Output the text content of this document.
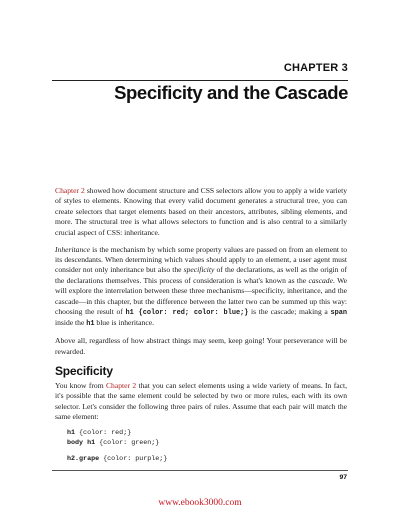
CHAPTER 3
Specificity and the Cascade

Chapter 2 showed how document structure and CSS selectors allow you to apply a wide variety of styles to elements. Knowing that every valid document generates a structural tree, you can create selectors that target elements based on their ancestors, attributes, sibling elements, and more. The structural tree is what allows selectors to function and is also central to a similarly crucial aspect of CSS: inheritance.

Inheritance is the mechanism by which some property values are passed on from an element to its descendants. When determining which values should apply to an element, a user agent must consider not only inheritance but also the specificity of the declarations, as well as the origin of the declarations themselves. This process of consideration is what's known as the cascade. We will explore the interrelation between these three mechanisms—specificity, inheritance, and the cascade—in this chapter, but the difference between the latter two can be summed up this way: choosing the result of h1 {color: red; color: blue;} is the cascade; making a span inside the h1 blue is inheritance.

Above all, regardless of how abstract things may seem, keep going! Your perseverance will be rewarded.

Specificity

You know from Chapter 2 that you can select elements using a wide variety of means. In fact, it's possible that the same element could be selected by two or more rules, each with its own selector. Let's consider the following three pairs of rules. Assume that each pair will match the same element:

h1 {color: red;}
body h1 {color: green;}
h2.grape {color: purple;}
97
www.ebook3000.com
